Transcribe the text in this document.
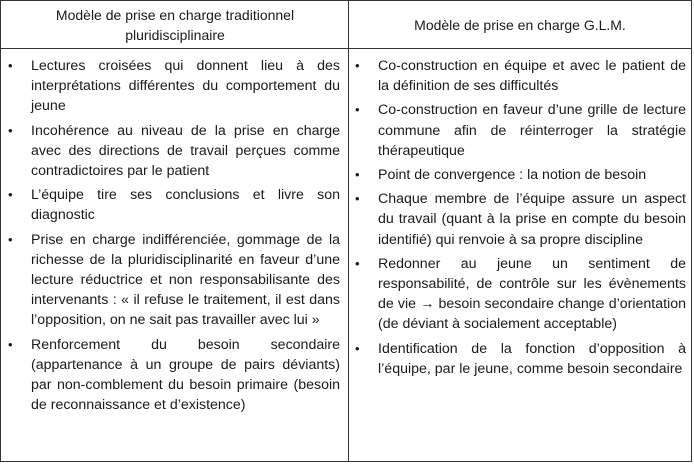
Modèle de prise en charge traditionnel pluridisciplinaire
Modèle de prise en charge G.L.M.
• Lectures croisées qui donnent lieu à des interprétations différentes du comportement du jeune
• Incohérence au niveau de la prise en charge avec des directions de travail perçues comme contradictoires par le patient
• L’équipe tire ses conclusions et livre son diagnostic
• Prise en charge indifférenciée, gommage de la richesse de la pluridisciplinarité en faveur d’une lecture réductrice et non responsabilisante des intervenants : « il refuse le traitement, il est dans l’opposition, on ne sait pas travailler avec lui »
• Renforcement du besoin secondaire (appartenance à un groupe de pairs déviants) par non-comblement du besoin primaire (besoin de reconnaissance et d’existence)
• Co-construction en équipe et avec le patient de la définition de ses difficultés
• Co-construction en faveur d’une grille de lecture commune afin de réinterroger la stratégie thérapeutique
• Point de convergence : la notion de besoin
• Chaque membre de l’équipe assure un aspect du travail (quant à la prise en compte du besoin identifié) qui renvoie à sa propre discipline
• Redonner au jeune un sentiment de responsabilité, de contrôle sur les évènements de vie → besoin secondaire change d’orientation (de déviant à socialement acceptable)
• Identification de la fonction d’opposition à l’équipe, par le jeune, comme besoin secondaire
